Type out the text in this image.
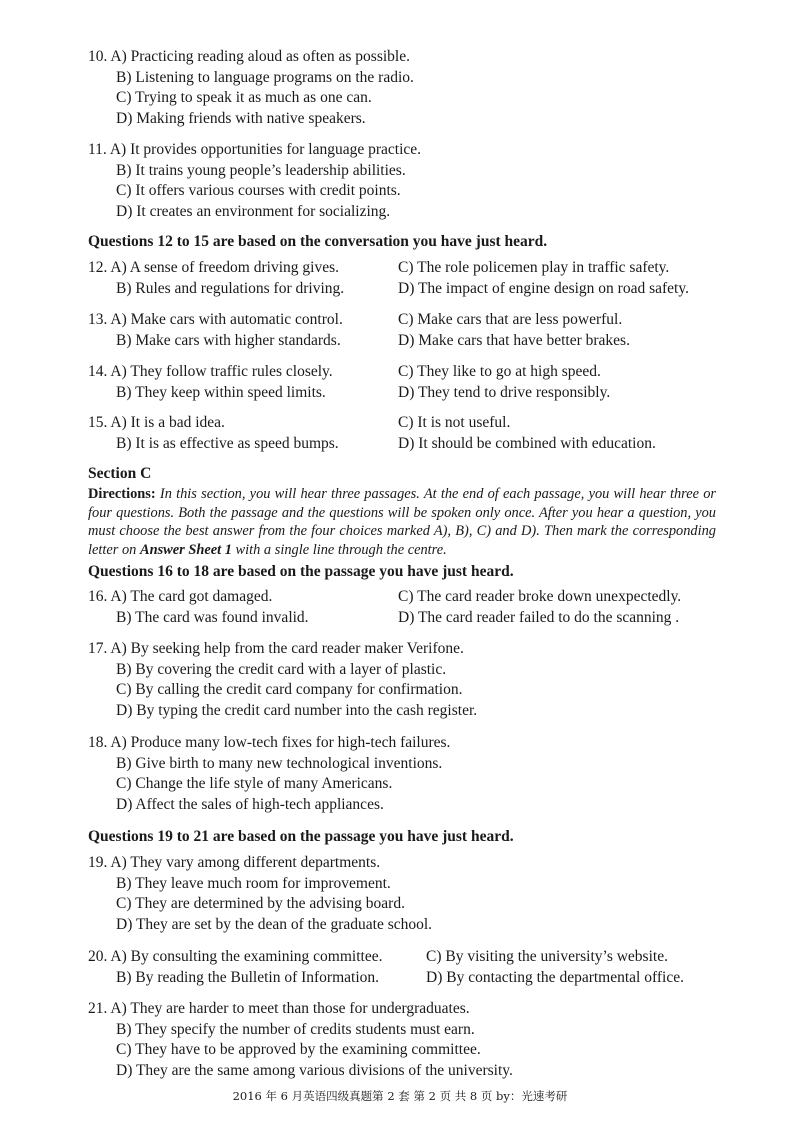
10. A) Practicing reading aloud as often as possible.
B) Listening to language programs on the radio.
C) Trying to speak it as much as one can.
D) Making friends with native speakers.
11. A) It provides opportunities for language practice.
B) It trains young people’s leadership abilities.
C) It offers various courses with credit points.
D) It creates an environment for socializing.
Questions 12 to 15 are based on the conversation you have just heard.
12. A) A sense of freedom driving gives.
B) Rules and regulations for driving.
C) The role policemen play in traffic safety.
D) The impact of engine design on road safety.
13. A) Make cars with automatic control.
B) Make cars with higher standards.
C) Make cars that are less powerful.
D) Make cars that have better brakes.
14. A) They follow traffic rules closely.
B) They keep within speed limits.
C) They like to go at high speed.
D) They tend to drive responsibly.
15. A) It is a bad idea.
B) It is as effective as speed bumps.
C) It is not useful.
D) It should be combined with education.
Section C
Directions: In this section, you will hear three passages. At the end of each passage, you will hear three or four questions. Both the passage and the questions will be spoken only once. After you hear a question, you must choose the best answer from the four choices marked A), B), C) and D). Then mark the corresponding letter on Answer Sheet 1 with a single line through the centre.
Questions 16 to 18 are based on the passage you have just heard.
16. A) The card got damaged.
B) The card was found invalid.
C) The card reader broke down unexpectedly.
D) The card reader failed to do the scanning .
17. A) By seeking help from the card reader maker Verifone.
B) By covering the credit card with a layer of plastic.
C) By calling the credit card company for confirmation.
D) By typing the credit card number into the cash register.
18. A) Produce many low-tech fixes for high-tech failures.
B) Give birth to many new technological inventions.
C) Change the life style of many Americans.
D) Affect the sales of high-tech appliances.
Questions 19 to 21 are based on the passage you have just heard.
19. A) They vary among different departments.
B) They leave much room for improvement.
C) They are determined by the advising board.
D) They are set by the dean of the graduate school.
20. A) By consulting the examining committee.
B) By reading the Bulletin of Information.
C) By visiting the university’s website.
D) By contacting the departmental office.
21. A) They are harder to meet than those for undergraduates.
B) They specify the number of credits students must earn.
C) They have to be approved by the examining committee.
D) They are the same among various divisions of the university.
2016 年 6 月英语四级真题第 2 套 第 2 页 共 8 页 by：光速考研
